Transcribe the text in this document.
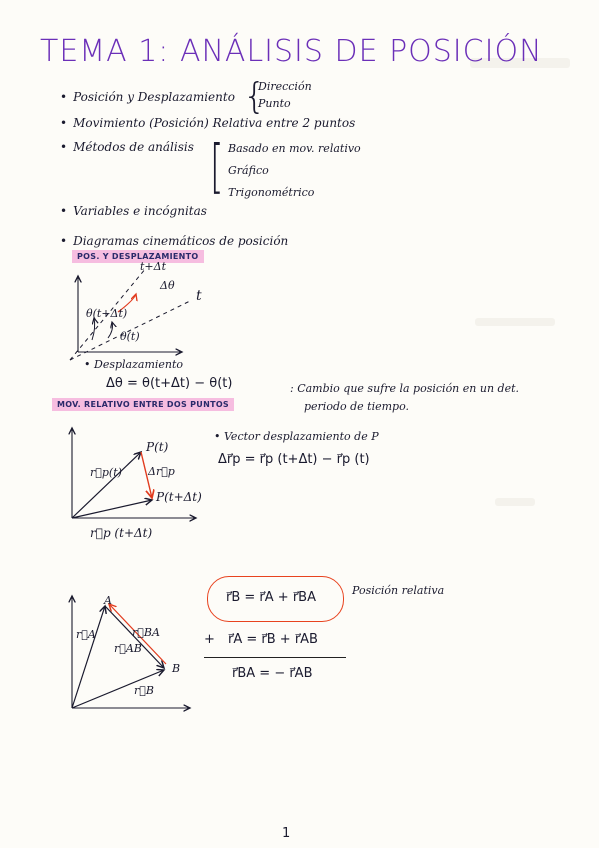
TEMA 1: ANÁLISIS DE POSICIÓN
• Posición y Desplazamiento {
Dirección
Punto
• Movimiento (Posición) Relativa entre 2 puntos
• Métodos de análisis [ Basado en mov. relativo
Gráfico
Trigonométrico
• Variables e incógnitas
• Diagramas cinemáticos de posición
POS. Y DESPLAZAMIENTO
t+Δt
Δθ
t
θ(t+Δt)
θ(t)
• Desplazamiento
Δθ = θ(t+Δt) − θ(t)	: Cambio que sufre la posición en un det.
periodo de tiempo.
MOV. RELATIVO ENTRE DOS PUNTOS
P(t)
Δr⃗p
r⃗p(t)
P(t+Δt)
r⃗p (t+Δt)
• Vector desplazamiento de P
Δr⃗p = r⃗p (t+Δt) − r⃗p (t)
A
B
r⃗A	r⃗BA
r⃗AB
r⃗B
r⃗B = r⃗A + r⃗BA	Posición relativa
+ r⃗A = r⃗B + r⃗AB
r⃗BA = − r⃗AB
1
